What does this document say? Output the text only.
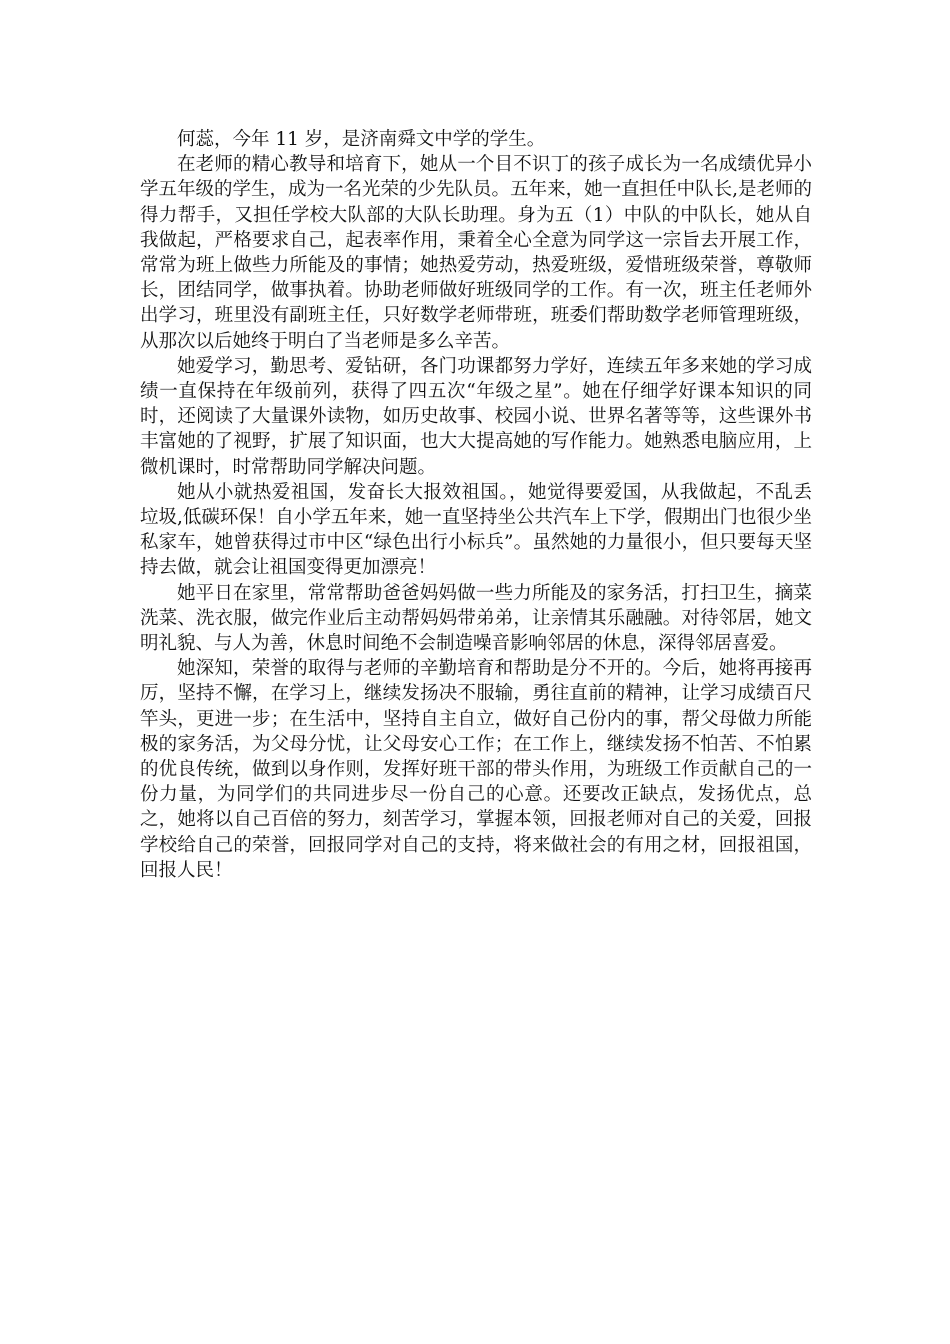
何蕊，今年 11 岁，是济南舜文中学的学生。

在老师的精心教导和培育下，她从一个目不识丁的孩子成长为一名成绩优异小学五年级的学生，成为一名光荣的少先队员。五年来，她一直担任中队长,是老师的得力帮手，又担任学校大队部的大队长助理。身为五（1）中队的中队长，她从自我做起，严格要求自己，起表率作用，秉着全心全意为同学这一宗旨去开展工作，常常为班上做些力所能及的事情；她热爱劳动，热爱班级，爱惜班级荣誉，尊敬师长，团结同学，做事执着。协助老师做好班级同学的工作。有一次，班主任老师外出学习，班里没有副班主任，只好数学老师带班，班委们帮助数学老师管理班级，从那次以后她终于明白了当老师是多么辛苦。

她爱学习，勤思考、爱钻研，各门功课都努力学好，连续五年多来她的学习成绩一直保持在年级前列，获得了四五次“年级之星”。她在仔细学好课本知识的同时，还阅读了大量课外读物，如历史故事、校园小说、世界名著等等，这些课外书丰富她的了视野，扩展了知识面，也大大提高她的写作能力。她熟悉电脑应用，上微机课时，时常帮助同学解决问题。

她从小就热爱祖国，发奋长大报效祖国。，她觉得要爱国，从我做起，不乱丢垃圾,低碳环保！自小学五年来，她一直坚持坐公共汽车上下学，假期出门也很少坐私家车，她曾获得过市中区“绿色出行小标兵”。虽然她的力量很小，但只要每天坚持去做，就会让祖国变得更加漂亮！

她平日在家里，常常帮助爸爸妈妈做一些力所能及的家务活，打扫卫生，摘菜洗菜、洗衣服，做完作业后主动帮妈妈带弟弟，让亲情其乐融融。对待邻居，她文明礼貌、与人为善，休息时间绝不会制造噪音影响邻居的休息，深得邻居喜爱。

她深知，荣誉的取得与老师的辛勤培育和帮助是分不开的。今后，她将再接再厉，坚持不懈，在学习上，继续发扬决不服输，勇往直前的精神，让学习成绩百尺竿头，更进一步；在生活中，坚持自主自立，做好自己份内的事，帮父母做力所能极的家务活，为父母分忧，让父母安心工作；在工作上，继续发扬不怕苦、不怕累的优良传统，做到以身作则，发挥好班干部的带头作用，为班级工作贡献自己的一份力量，为同学们的共同进步尽一份自己的心意。还要改正缺点，发扬优点，总之，她将以自己百倍的努力，刻苦学习，掌握本领，回报老师对自己的关爱，回报学校给自己的荣誉，回报同学对自己的支持，将来做社会的有用之材，回报祖国，回报人民！
